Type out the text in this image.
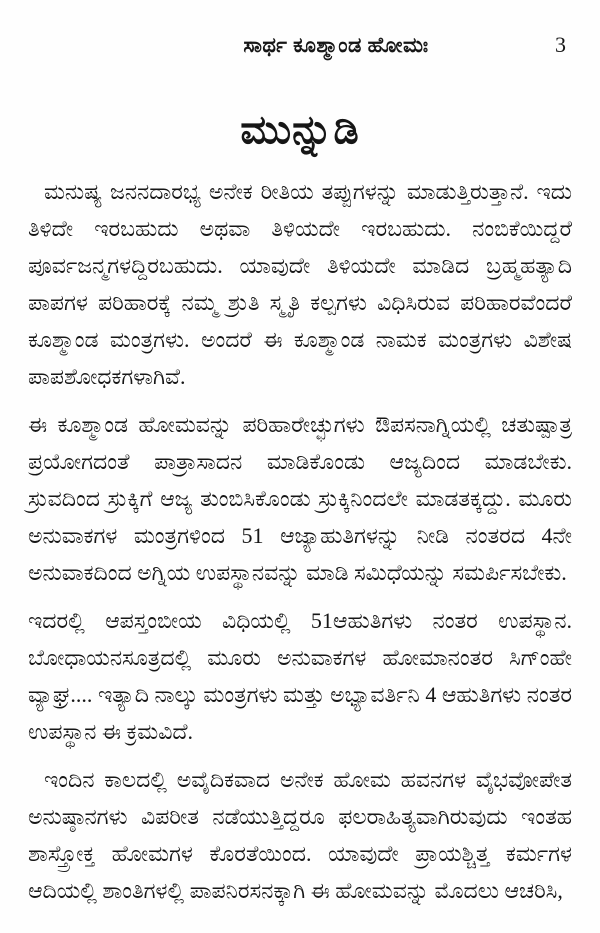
ಸಾರ್ಥ ಕೂಶ್ಮಾಂಡ ಹೋಮಃ	3
ಮುನ್ನುಡಿ

ಮನುಷ್ಯ ಜನನದಾರಭ್ಯ ಅನೇಕ ರೀತಿಯ ತಪ್ಪುಗಳನ್ನು ಮಾಡುತ್ತಿರುತ್ತಾನೆ. ಇದು ತಿಳಿದೇ ಇರಬಹುದು ಅಥವಾ ತಿಳಿಯದೇ ಇರಬಹುದು. ನಂಬಿಕೆಯಿದ್ದರೆ ಪೂರ್ವಜನ್ಮಗಳದ್ದಿರಬಹುದು. ಯಾವುದೇ ತಿಳಿಯದೇ ಮಾಡಿದ ಬ್ರಹ್ಮಹತ್ಯಾದಿ ಪಾಪಗಳ ಪರಿಹಾರಕ್ಕೆ ನಮ್ಮ ಶ್ರುತಿ ಸ್ಮೃತಿ ಕಲ್ಪಗಳು ವಿಧಿಸಿರುವ ಪರಿಹಾರವೆಂದರೆ ಕೂಶ್ಮಾಂಡ ಮಂತ್ರಗಳು. ಅಂದರೆ ಈ ಕೂಶ್ಮಾಂಡ ನಾಮಕ ಮಂತ್ರಗಳು ವಿಶೇಷ ಪಾಪಶೋಧಕಗಳಾಗಿವೆ.

ಈ ಕೂಶ್ಮಾಂಡ ಹೋಮವನ್ನು ಪರಿಹಾರೇಚ್ಛುಗಳು ಔಪಸನಾಗ್ನಿಯಲ್ಲಿ ಚತುಷ್ಪಾತ್ರ ಪ್ರಯೋಗದಂತೆ ಪಾತ್ರಾಸಾದನ ಮಾಡಿಕೊಂಡು ಆಜ್ಯದಿಂದ ಮಾಡಬೇಕು. ಸ್ರುವದಿಂದ ಸ್ರುಕ್ಕಿಗೆ ಆಜ್ಯ ತುಂಬಿಸಿಕೊಂಡು ಸ್ರುಕ್ಕಿನಿಂದಲೇ ಮಾಡತಕ್ಕದ್ದು. ಮೂರು ಅನುವಾಕಗಳ ಮಂತ್ರಗಳಿಂದ 51 ಆಜ್ಯಾಹುತಿಗಳನ್ನು ನೀಡಿ ನಂತರದ 4ನೇ ಅನುವಾಕದಿಂದ ಅಗ್ನಿಯ ಉಪಸ್ಥಾನವನ್ನು ಮಾಡಿ ಸಮಿಧೆಯನ್ನು ಸಮರ್ಪಿಸಬೇಕು.

ಇದರಲ್ಲಿ ಆಪಸ್ತಂಬೀಯ ವಿಧಿಯಲ್ಲಿ 51ಆಹುತಿಗಳು ನಂತರ ಉಪಸ್ಥಾನ. ಬೋಧಾಯನಸೂತ್ರದಲ್ಲಿ ಮೂರು ಅನುವಾಕಗಳ ಹೋಮಾನಂತರ ಸಿಗ್ಂಹೇ ವ್ಯಾಘ್ರ.... ಇತ್ಯಾದಿ ನಾಲ್ಕು ಮಂತ್ರಗಳು ಮತ್ತು ಅಭ್ಯಾವರ್ತಿನಿ 4 ಆಹುತಿಗಳು ನಂತರ ಉಪಸ್ಥಾನ ಈ ಕ್ರಮವಿದೆ.

ಇಂದಿನ ಕಾಲದಲ್ಲಿ ಅವೈದಿಕವಾದ ಅನೇಕ ಹೋಮ ಹವನಗಳ ವೈಭವೋಪೇತ ಅನುಷ್ಠಾನಗಳು ವಿಪರೀತ ನಡೆಯುತ್ತಿದ್ದರೂ ಫಲರಾಹಿತ್ಯವಾಗಿರುವುದು ಇಂತಹ ಶಾಸ್ತ್ರೋಕ್ತ ಹೋಮಗಳ ಕೊರತೆಯಿಂದ. ಯಾವುದೇ ಪ್ರಾಯಶ್ಚಿತ್ತ ಕರ್ಮಗಳ ಆದಿಯಲ್ಲಿ ಶಾಂತಿಗಳಲ್ಲಿ ಪಾಪನಿರಸನಕ್ಕಾಗಿ ಈ ಹೋಮವನ್ನು ಮೊದಲು ಆಚರಿಸಿ,
